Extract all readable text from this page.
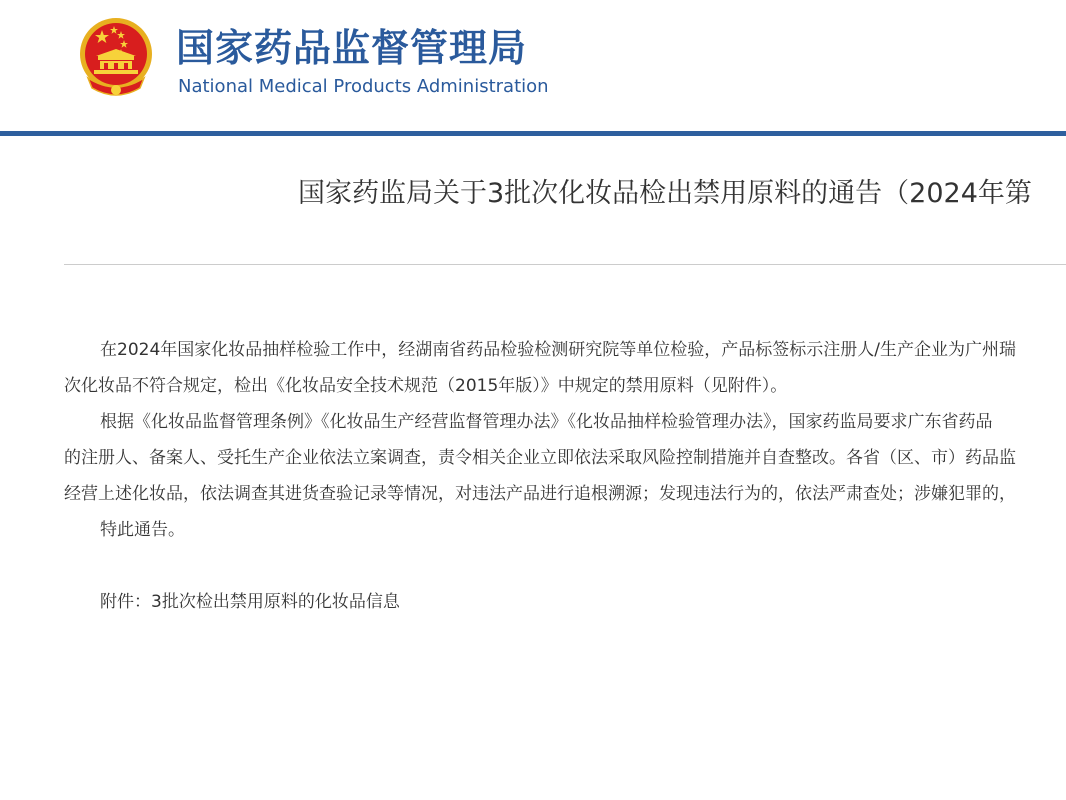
国家药品监督管理局
National Medical Products Administration
国家药监局关于3批次化妆品检出禁用原料的通告（2024年第
在2024年国家化妆品抽样检验工作中，经湖南省药品检验检测研究院等单位检验，产品标签标示注册人/生产企业为广州瑞
次化妆品不符合规定，检出《化妆品安全技术规范（2015年版）》中规定的禁用原料（见附件）。
根据《化妆品监督管理条例》《化妆品生产经营监督管理办法》《化妆品抽样检验管理办法》，国家药监局要求广东省药品
的注册人、备案人、受托生产企业依法立案调查，责令相关企业立即依法采取风险控制措施并自查整改。各省（区、市）药品监
经营上述化妆品，依法调查其进货查验记录等情况，对违法产品进行追根溯源；发现违法行为的，依法严肃查处；涉嫌犯罪的，
特此通告。
附件：3批次检出禁用原料的化妆品信息
